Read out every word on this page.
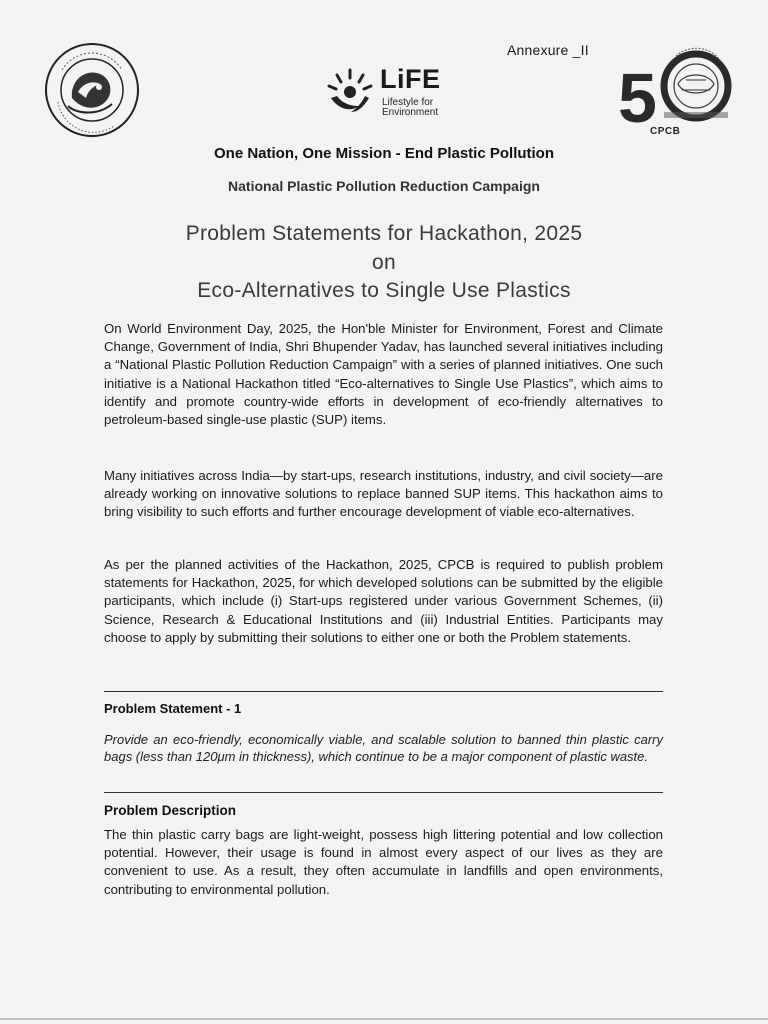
LiFE
Lifestyle for
Environment
Annexure _II
5
CPCB
One Nation, One Mission - End Plastic Pollution
National Plastic Pollution Reduction Campaign
Problem Statements for Hackathon, 2025
on
Eco-Alternatives to Single Use Plastics

On World Environment Day, 2025, the Hon'ble Minister for Environment, Forest and Climate Change, Government of India, Shri Bhupender Yadav, has launched several initiatives including a “National Plastic Pollution Reduction Campaign” with a series of planned initiatives. One such initiative is a National Hackathon titled “Eco-alternatives to Single Use Plastics”, which aims to identify and promote country-wide efforts in development of eco-friendly alternatives to petroleum-based single-use plastic (SUP) items.

Many initiatives across India—by start-ups, research institutions, industry, and civil society—are already working on innovative solutions to replace banned SUP items. This hackathon aims to bring visibility to such efforts and further encourage development of viable eco-alternatives.

As per the planned activities of the Hackathon, 2025, CPCB is required to publish problem statements for Hackathon, 2025, for which developed solutions can be submitted by the eligible participants, which include (i) Start-ups registered under various Government Schemes, (ii) Science, Research & Educational Institutions and (iii) Industrial Entities. Participants may choose to apply by submitting their solutions to either one or both the Problem statements.

Problem Statement - 1

Provide an eco-friendly, economically viable, and scalable solution to banned thin plastic carry bags (less than 120μm in thickness), which continue to be a major component of plastic waste.

Problem Description

The thin plastic carry bags are light-weight, possess high littering potential and low collection potential. However, their usage is found in almost every aspect of our lives as they are convenient to use. As a result, they often accumulate in landfills and open environments, contributing to environmental pollution.
